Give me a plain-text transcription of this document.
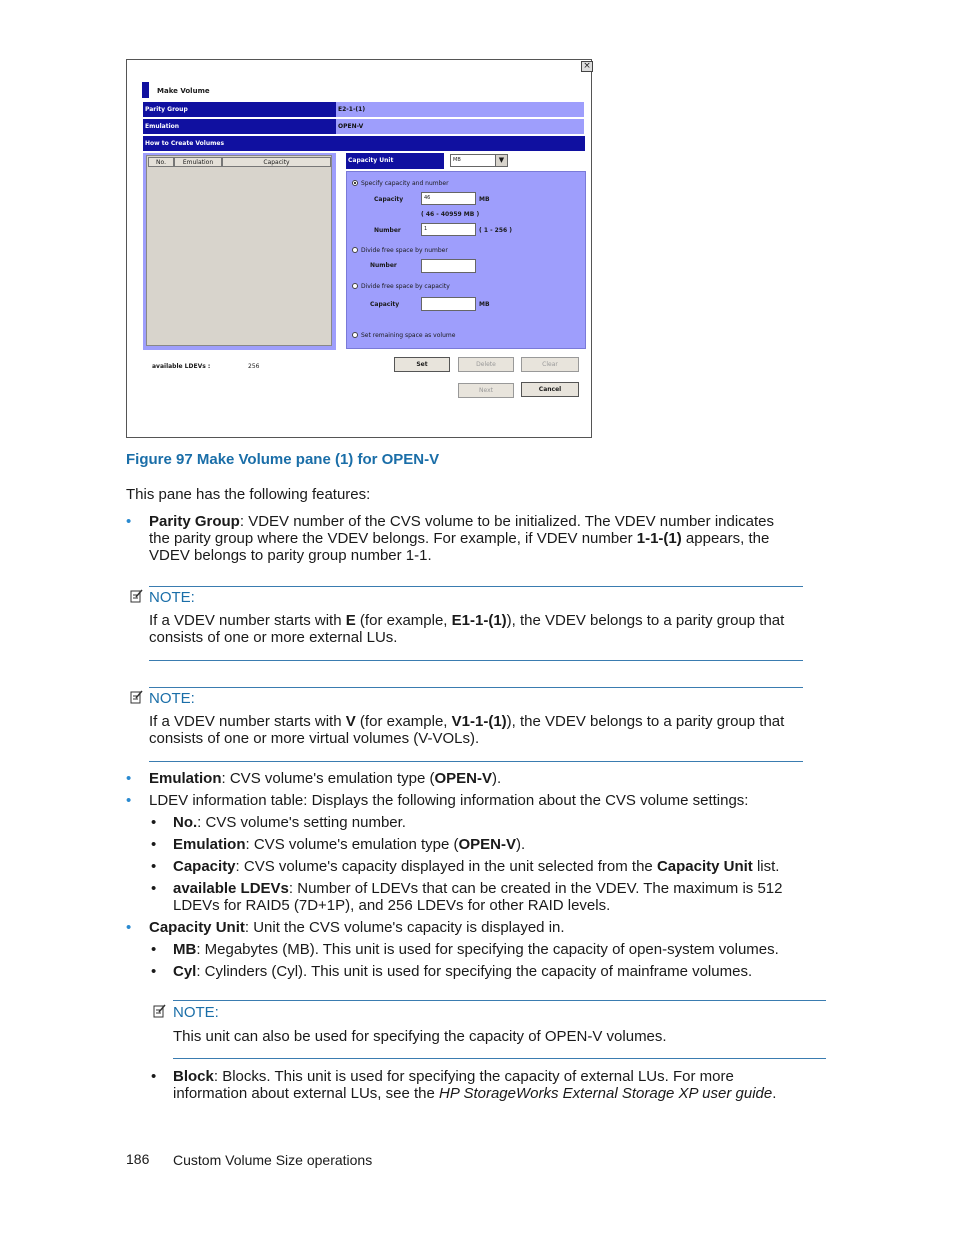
×
Make Volume
Parity Group	E2-1-(1)
Emulation	OPEN-V
How to Create Volumes
No.	Emulation	Capacity	Capacity Unit	MB	▼
Specify capacity and number
Capacity	46	MB
( 46 - 40959 MB )
Number	1	( 1 - 256 )
Divide free space by number
Number
Divide free space by capacity
Capacity	MB
Set remaining space as volume
available LDEVs :	256	Set	Delete	Clear
Next	Cancel
Figure 97 Make Volume pane (1) for OPEN-V
This pane has the following features:
• Parity Group: VDEV number of the CVS volume to be initialized. The VDEV number indicates
the parity group where the VDEV belongs. For example, if VDEV number 1-1-(1) appears, the
VDEV belongs to parity group number 1-1.
NOTE:
If a VDEV number starts with E (for example, E1-1-(1)), the VDEV belongs to a parity group that
consists of one or more external LUs.
NOTE:
If a VDEV number starts with V (for example, V1-1-(1)), the VDEV belongs to a parity group that
consists of one or more virtual volumes (V-VOLs).
• Emulation: CVS volume's emulation type (OPEN-V).
• LDEV information table: Displays the following information about the CVS volume settings:
• No.: CVS volume's setting number.
• Emulation: CVS volume's emulation type (OPEN-V).
• Capacity: CVS volume's capacity displayed in the unit selected from the Capacity Unit list.
• available LDEVs: Number of LDEVs that can be created in the VDEV. The maximum is 512
LDEVs for RAID5 (7D+1P), and 256 LDEVs for other RAID levels.
• Capacity Unit: Unit the CVS volume's capacity is displayed in.
• MB: Megabytes (MB). This unit is used for specifying the capacity of open-system volumes.
• Cyl: Cylinders (Cyl). This unit is used for specifying the capacity of mainframe volumes.
NOTE:
This unit can also be used for specifying the capacity of OPEN-V volumes.
• Block: Blocks. This unit is used for specifying the capacity of external LUs. For more
information about external LUs, see the HP StorageWorks External Storage XP user guide.
186 Custom Volume Size operations
